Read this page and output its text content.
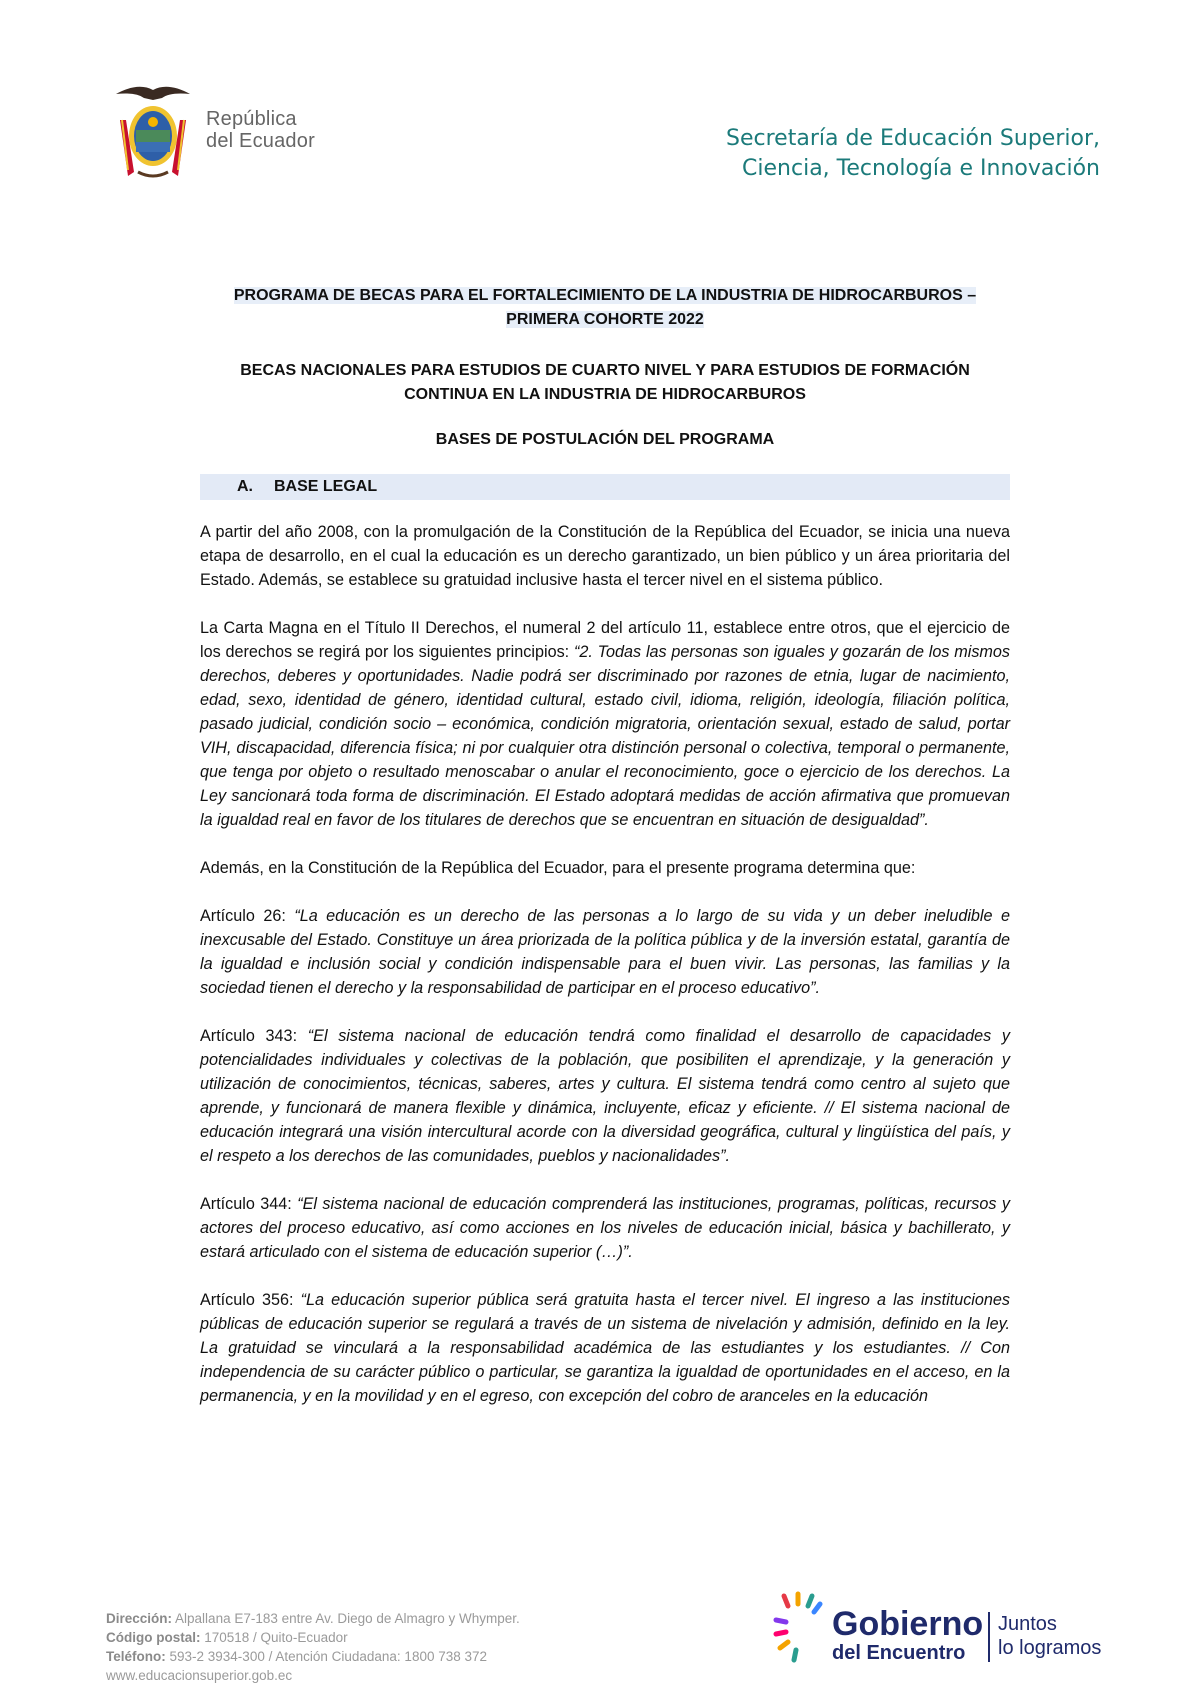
República
del Ecuador	Secretaría de Educación Superior,
Ciencia, Tecnología e Innovación
PROGRAMA DE BECAS PARA EL FORTALECIMIENTO DE LA INDUSTRIA DE HIDROCARBUROS –
PRIMERA COHORTE 2022
BECAS NACIONALES PARA ESTUDIOS DE CUARTO NIVEL Y PARA ESTUDIOS DE FORMACIÓN
CONTINUA EN LA INDUSTRIA DE HIDROCARBUROS
BASES DE POSTULACIÓN DEL PROGRAMA
A. BASE LEGAL

A partir del año 2008, con la promulgación de la Constitución de la República del Ecuador, se inicia una nueva etapa de desarrollo, en el cual la educación es un derecho garantizado, un bien público y un área prioritaria del Estado. Además, se establece su gratuidad inclusive hasta el tercer nivel en el sistema público.

La Carta Magna en el Título II Derechos, el numeral 2 del artículo 11, establece entre otros, que el ejercicio de los derechos se regirá por los siguientes principios: “2. Todas las personas son iguales y gozarán de los mismos derechos, deberes y oportunidades. Nadie podrá ser discriminado por razones de etnia, lugar de nacimiento, edad, sexo, identidad de género, identidad cultural, estado civil, idioma, religión, ideología, filiación política, pasado judicial, condición socio – económica, condición migratoria, orientación sexual, estado de salud, portar VIH, discapacidad, diferencia física; ni por cualquier otra distinción personal o colectiva, temporal o permanente, que tenga por objeto o resultado menoscabar o anular el reconocimiento, goce o ejercicio de los derechos. La Ley sancionará toda forma de discriminación. El Estado adoptará medidas de acción afirmativa que promuevan la igualdad real en favor de los titulares de derechos que se encuentran en situación de desigualdad”.

Además, en la Constitución de la República del Ecuador, para el presente programa determina que:

Artículo 26: “La educación es un derecho de las personas a lo largo de su vida y un deber ineludible e inexcusable del Estado. Constituye un área priorizada de la política pública y de la inversión estatal, garantía de la igualdad e inclusión social y condición indispensable para el buen vivir. Las personas, las familias y la sociedad tienen el derecho y la responsabilidad de participar en el proceso educativo”.

Artículo 343: “El sistema nacional de educación tendrá como finalidad el desarrollo de capacidades y potencialidades individuales y colectivas de la población, que posibiliten el aprendizaje, y la generación y utilización de conocimientos, técnicas, saberes, artes y cultura. El sistema tendrá como centro al sujeto que aprende, y funcionará de manera flexible y dinámica, incluyente, eficaz y eficiente. // El sistema nacional de educación integrará una visión intercultural acorde con la diversidad geográfica, cultural y lingüística del país, y el respeto a los derechos de las comunidades, pueblos y nacionalidades”.

Artículo 344: “El sistema nacional de educación comprenderá las instituciones, programas, políticas, recursos y actores del proceso educativo, así como acciones en los niveles de educación inicial, básica y bachillerato, y estará articulado con el sistema de educación superior (…)”.

Artículo 356: “La educación superior pública será gratuita hasta el tercer nivel. El ingreso a las instituciones públicas de educación superior se regulará a través de un sistema de nivelación y admisión, definido en la ley. La gratuidad se vinculará a la responsabilidad académica de las estudiantes y los estudiantes. // Con independencia de su carácter público o particular, se garantiza la igualdad de oportunidades en el acceso, en la permanencia, y en la movilidad y en el egreso, con excepción del cobro de aranceles en la educación

Dirección: Alpallana E7-183 entre Av. Diego de Almagro y Whymper.
Código postal: 170518 / Quito-Ecuador
Teléfono: 593-2 3934-300 / Atención Ciudadana: 1800 738 372
www.educacionsuperior.gob.ec
Gobierno
del Encuentro
Juntos
lo logramos
